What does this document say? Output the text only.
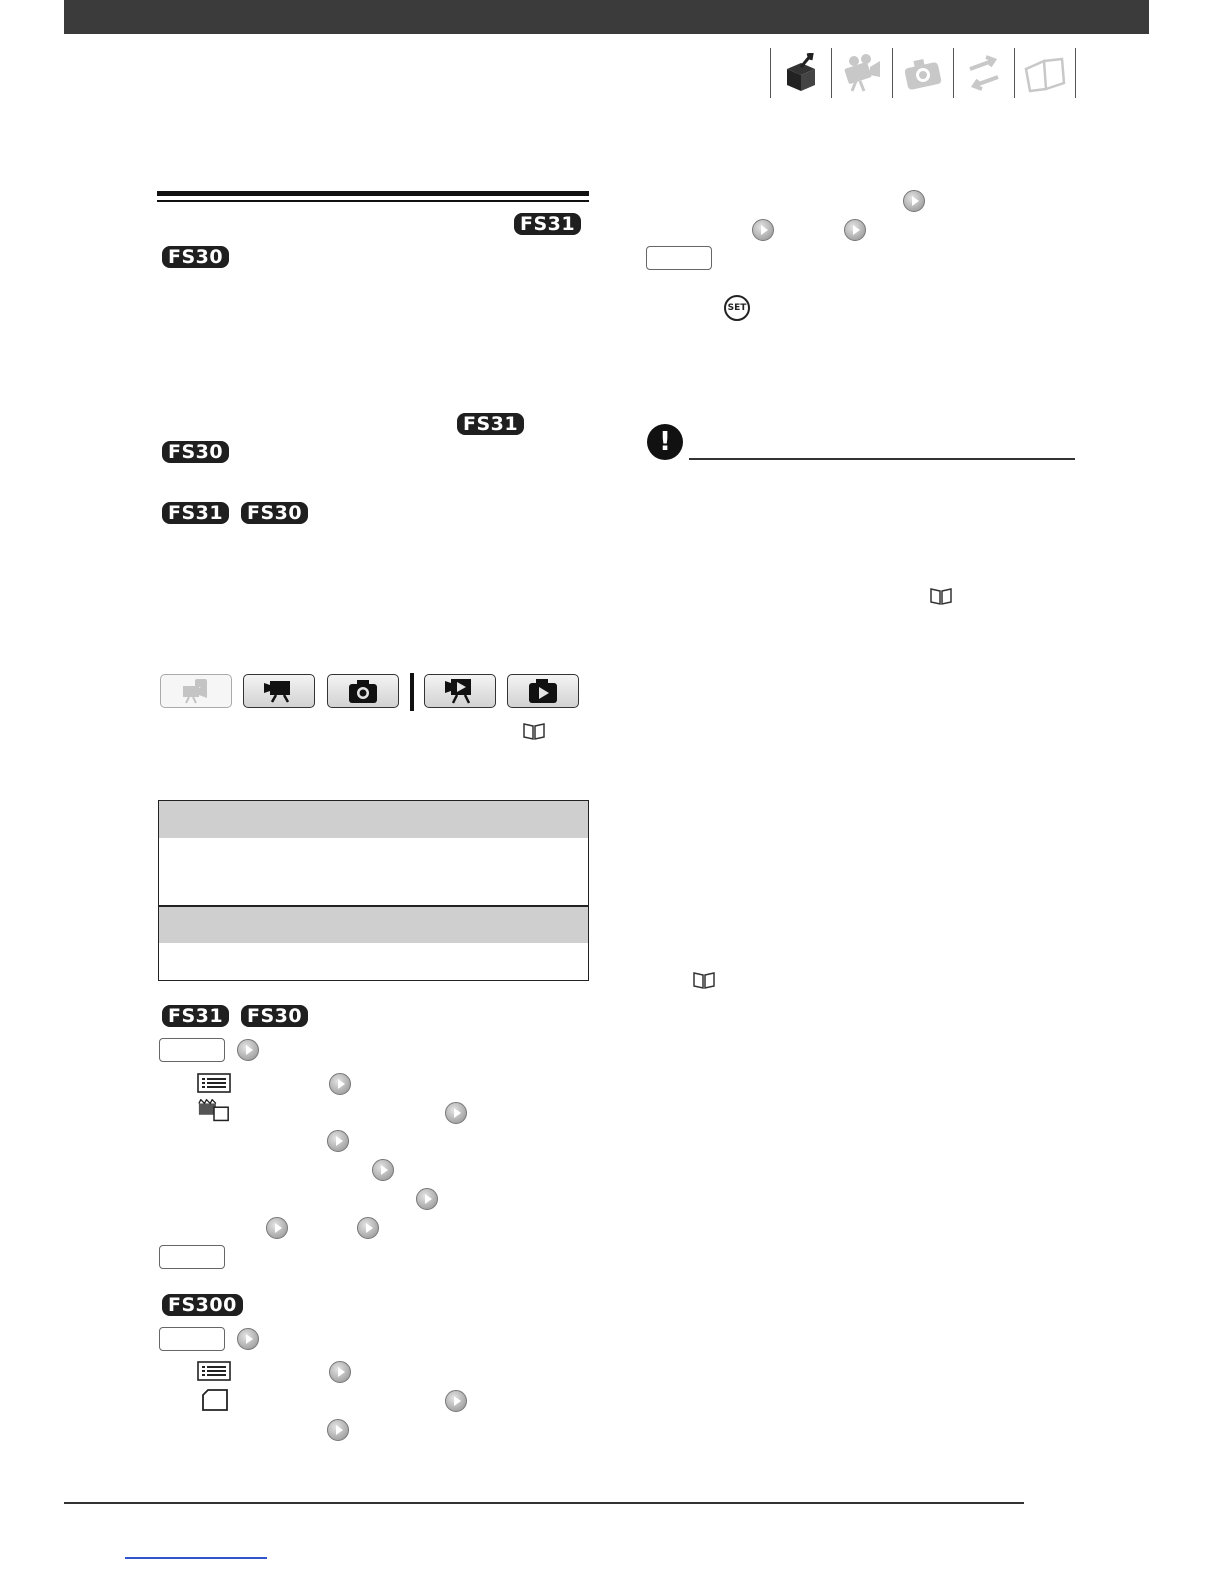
FS31
FS30
FS31
FS30
FS31	FS30
FS31	FS30
FS300
SET
!
